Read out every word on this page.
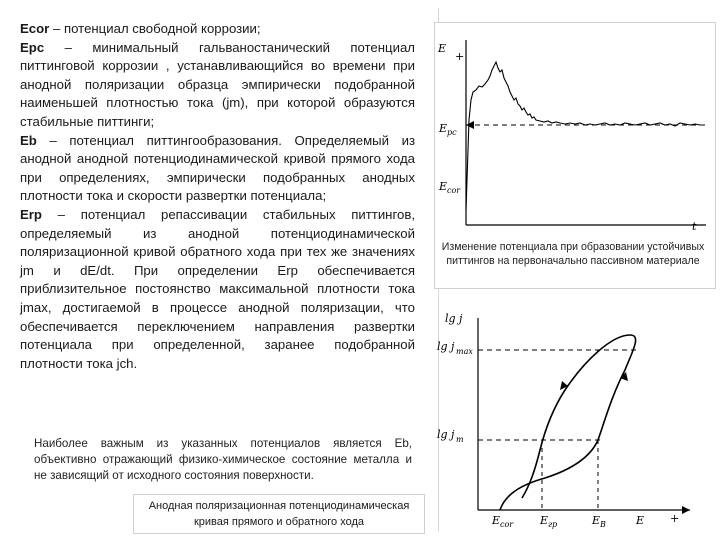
Ecor – потенциал свободной коррозии;

Epc – минимальный гальваностанический потенциал питтинговой коррозии , устанавливающийся во времени при анодной поляризации образца эмпирически подобранной наименьшей плотностью тока (jm), при которой образуются стабильные питтинги;

Eb – потенциал питтингообразования. Определяемый из анодной анодной потенциодинамической кривой прямого хода при определениях, эмпирически подобранных анодных плотности тока и скорости развертки потенциала;

Erp – потенциал репассивации стабильных питтингов, определяемый из анодной потенциодинамической поляризационной кривой обратного хода при тех же значениях jm и dE/dt. При определении Erp обеспечивается приблизительное постоянство максимальной плотности тока jmax, достигаемой в процессе анодной поляризации, что обеспечивается переключением направления развертки потенциала при определенной, заранее подобранной плотности тока jch.

Наиболее важным из указанных потенциалов является Eb, объективно отражающий физико-химическое состояние металла и не зависящий от исходного состояния поверхности.
Анодная поляризационная потенциодинамическая кривая прямого и обратного хода
E
+
E pc
E cor
t
Изменение потенциала при образовании устойчивых питтингов на первоначально пассивном материале
lg j
lg j max
lg j m
E cor E гр	E B	E +
